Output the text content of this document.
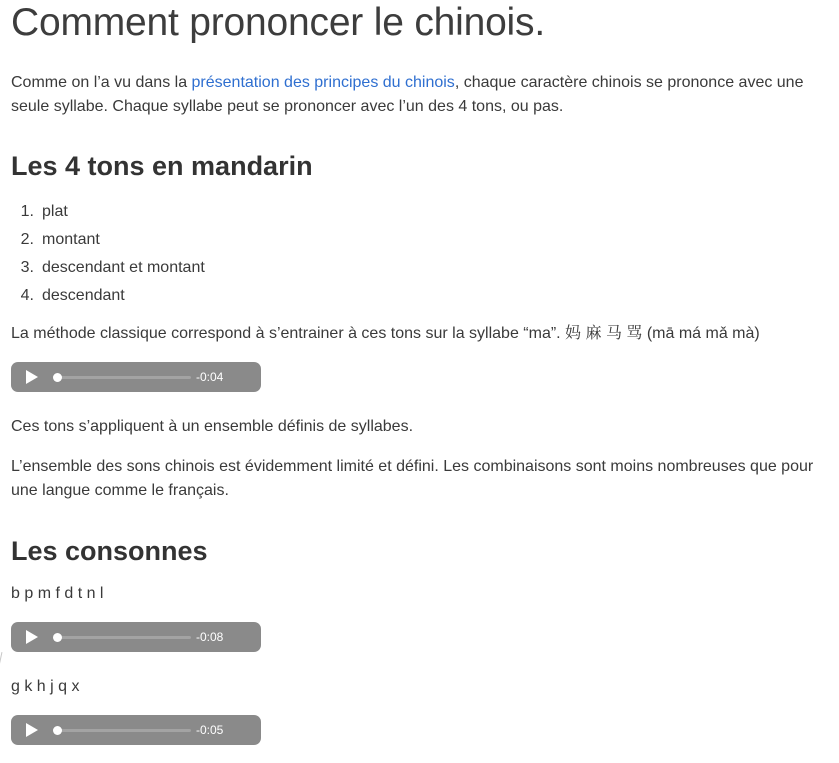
Comment prononcer le chinois.

Comme on l’a vu dans la présentation des principes du chinois, chaque caractère chinois se prononce avec une seule syllabe. Chaque syllabe peut se prononcer avec l’un des 4 tons, ou pas.

Les 4 tons en mandarin
1. plat
2. montant
3. descendant et montant
4. descendant

La méthode classique correspond à s’entrainer à ces tons sur la syllabe “ma”. 妈 麻 马 骂 (mā má mǎ mà)

-0:04

Ces tons s’appliquent à un ensemble définis de syllabes.

L’ensemble des sons chinois est évidemment limité et défini. Les combinaisons sont moins nombreuses que pour une langue comme le français.

Les consonnes

b p m f d t n l

-0:08

g k h j q x

-0:05
